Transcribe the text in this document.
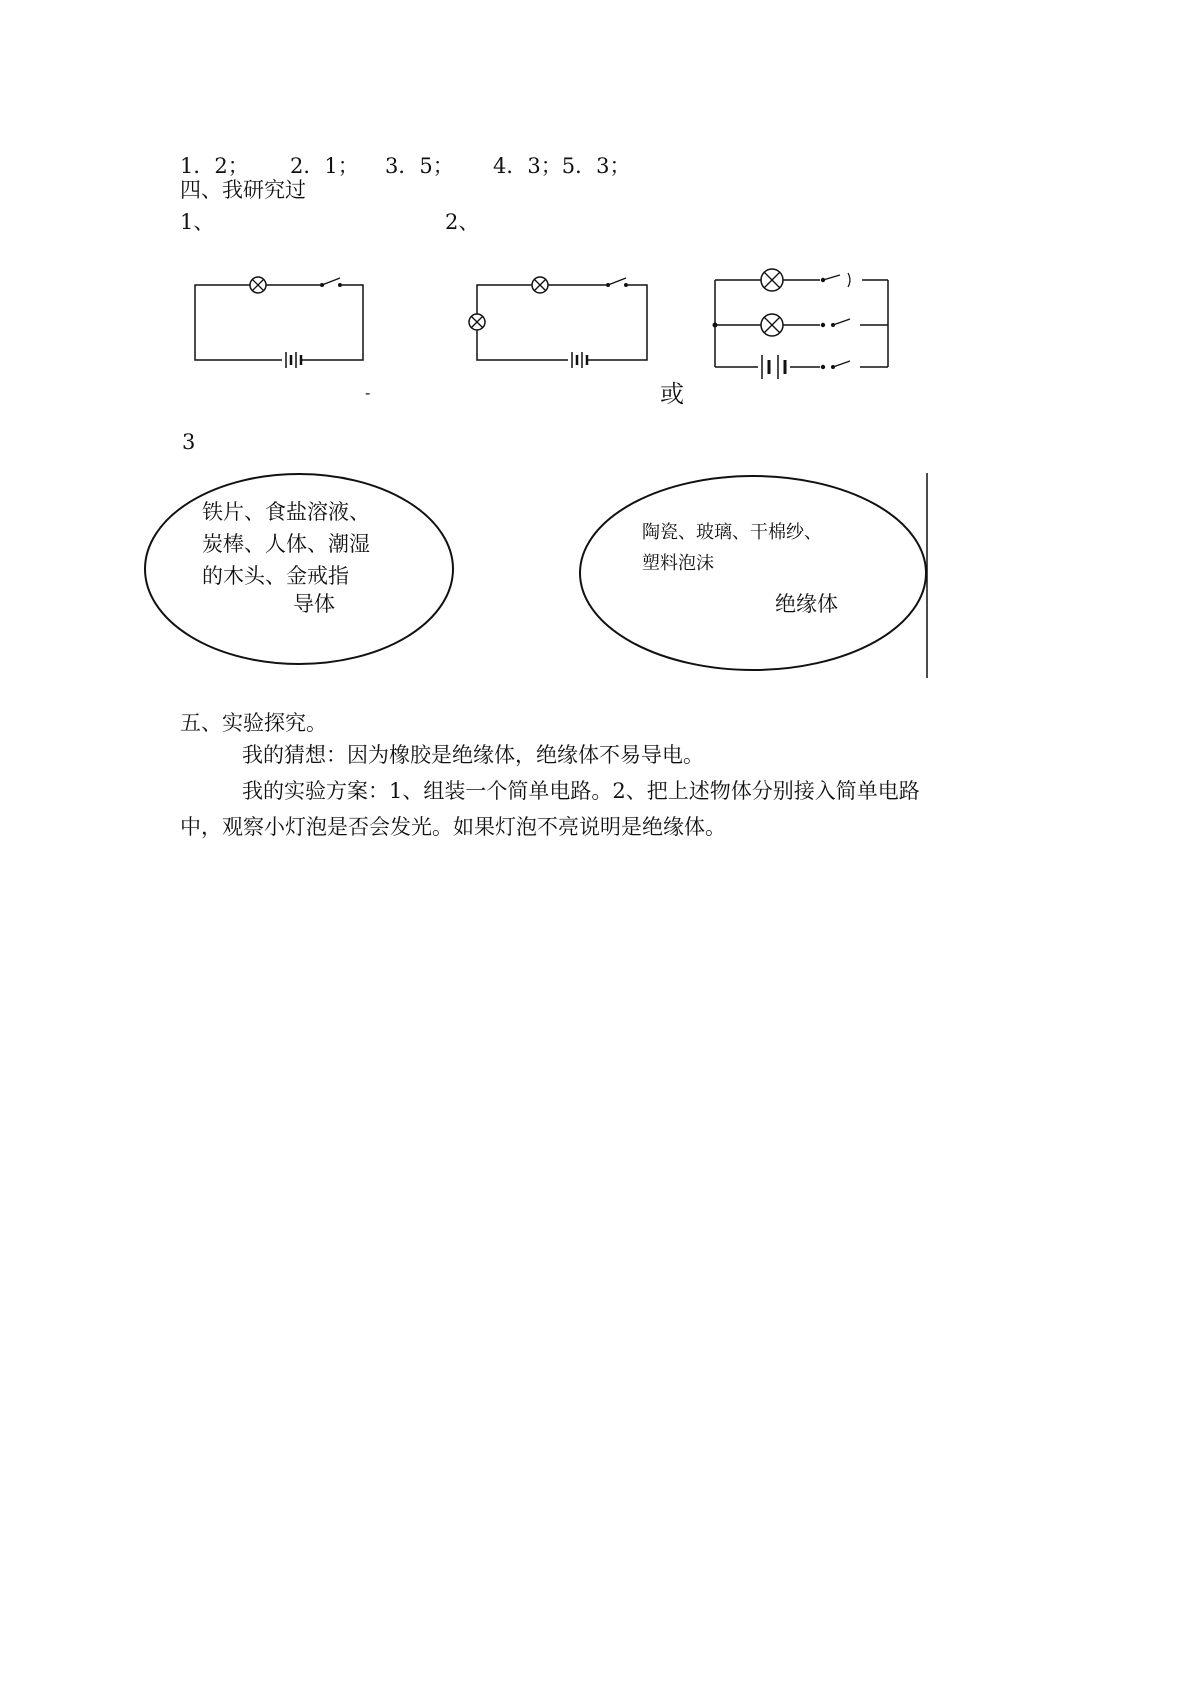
1．2； 2．1； 3．5； 4．3；5．3；
四、我研究过
1、	2、
-	或
3
铁片、食盐溶液、
炭棒、人体、潮湿
的木头、金戒指
导体
陶瓷、玻璃、干棉纱、
塑料泡沫
绝缘体
五、实验探究。
我的猜想：因为橡胶是绝缘体，绝缘体不易导电。
我的实验方案：1、组装一个简单电路。2、把上述物体分别接入简单电路
中，观察小灯泡是否会发光。如果灯泡不亮说明是绝缘体。
